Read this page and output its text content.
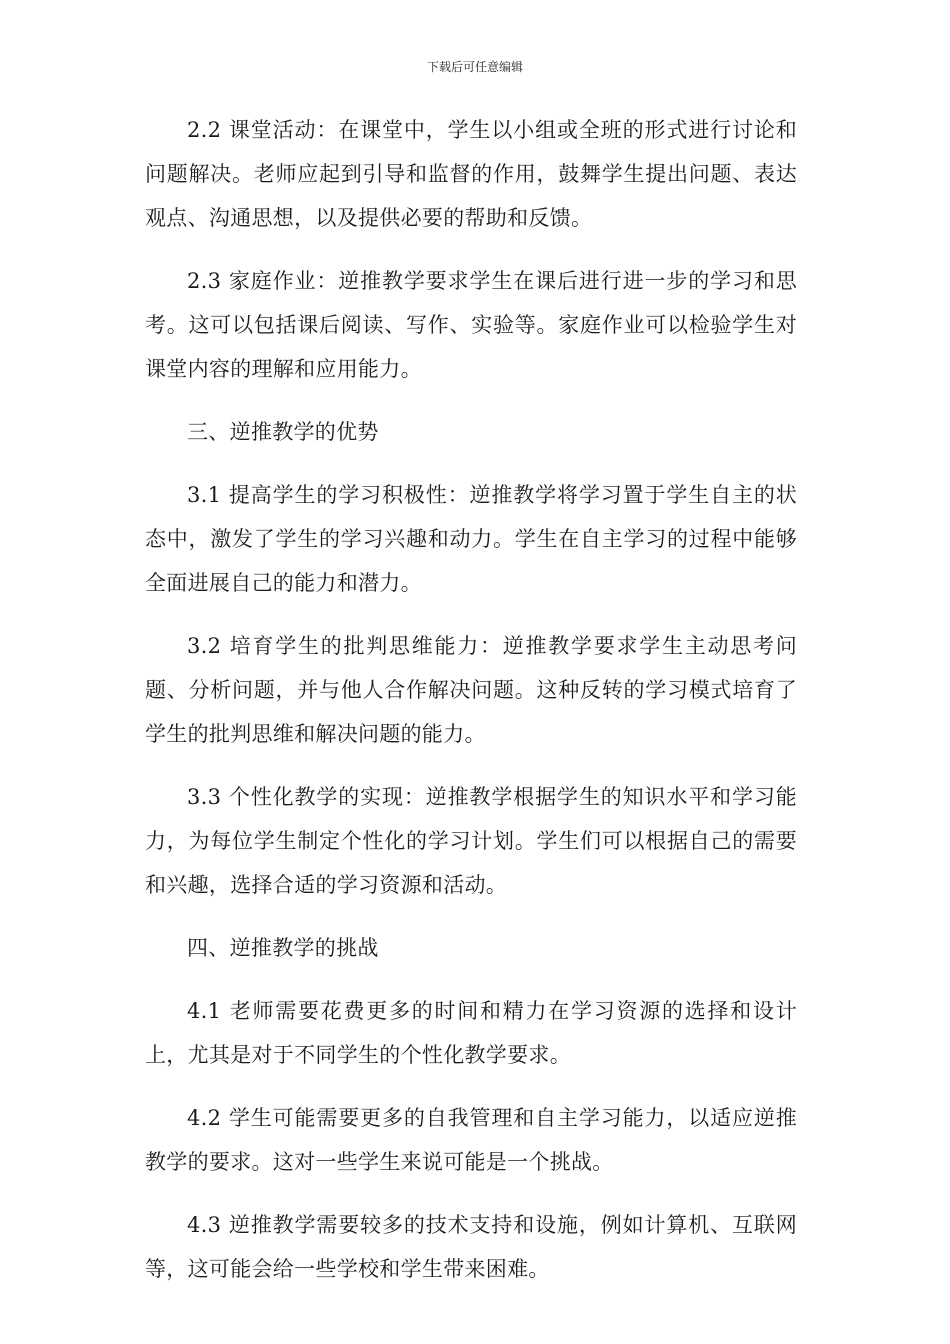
下载后可任意编辑

2.2 课堂活动：在课堂中，学生以小组或全班的形式进行讨论和问题解决。老师应起到引导和监督的作用，鼓舞学生提出问题、表达观点、沟通思想，以及提供必要的帮助和反馈。

2.3 家庭作业：逆推教学要求学生在课后进行进一步的学习和思考。这可以包括课后阅读、写作、实验等。家庭作业可以检验学生对课堂内容的理解和应用能力。

三、逆推教学的优势

3.1 提高学生的学习积极性：逆推教学将学习置于学生自主的状态中，激发了学生的学习兴趣和动力。学生在自主学习的过程中能够全面进展自己的能力和潜力。

3.2 培育学生的批判思维能力：逆推教学要求学生主动思考问题、分析问题，并与他人合作解决问题。这种反转的学习模式培育了学生的批判思维和解决问题的能力。

3.3 个性化教学的实现：逆推教学根据学生的知识水平和学习能力，为每位学生制定个性化的学习计划。学生们可以根据自己的需要和兴趣，选择合适的学习资源和活动。

四、逆推教学的挑战

4.1 老师需要花费更多的时间和精力在学习资源的选择和设计上，尤其是对于不同学生的个性化教学要求。

4.2 学生可能需要更多的自我管理和自主学习能力，以适应逆推教学的要求。这对一些学生来说可能是一个挑战。

4.3 逆推教学需要较多的技术支持和设施，例如计算机、互联网等，这可能会给一些学校和学生带来困难。
